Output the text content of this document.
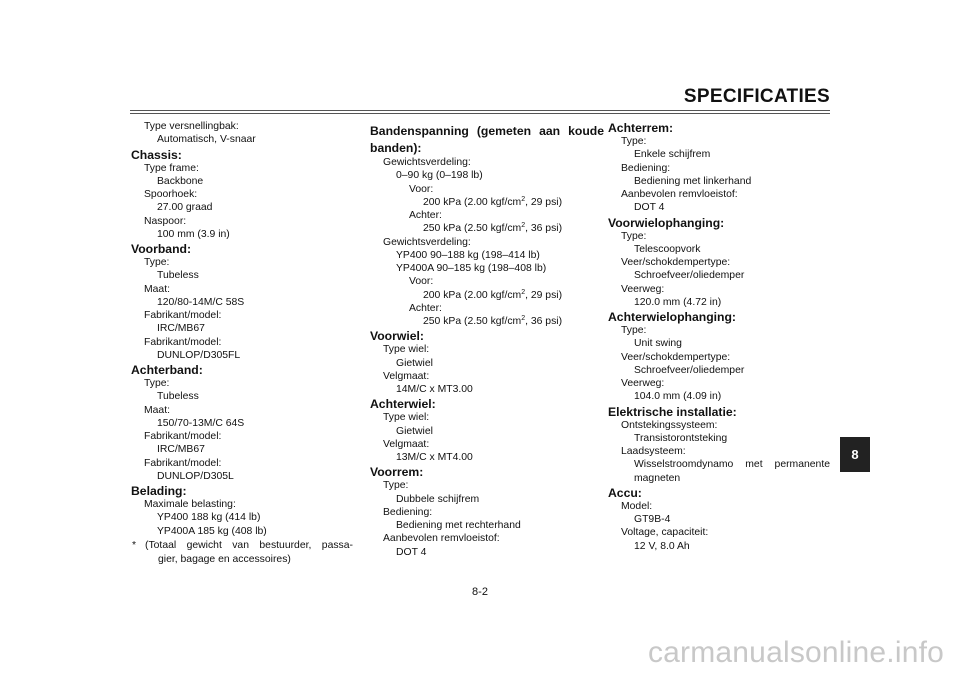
SPECIFICATIES
8
8-2
carmanualsonline.info
Type versnellingbak:
Automatisch, V-snaar
Chassis:
Type frame:
Backbone
Spoorhoek:
27.00 graad
Naspoor:
100 mm (3.9 in)
Voorband:
Type:
Tubeless
Maat:
120/80-14M/C 58S
Fabrikant/model:
IRC/MB67
Fabrikant/model:
DUNLOP/D305FL
Achterband:
Type:
Tubeless
Maat:
150/70-13M/C 64S
Fabrikant/model:
IRC/MB67
Fabrikant/model:
DUNLOP/D305L
Belading:
Maximale belasting:
YP400 188 kg (414 lb)
YP400A 185 kg (408 lb)
* (Totaal gewicht van bestuurder, passa-
gier, bagage en accessoires)
Bandenspanning (gemeten aan koude
banden):
Gewichtsverdeling:
0–90 kg (0–198 lb)
Voor:
200 kPa (2.00 kgf/$cm^2$, 29 psi)
Achter:
250 kPa (2.50 kgf/$cm^2$, 36 psi)
Gewichtsverdeling:
YP400 90–188 kg (198–414 lb)
YP400A 90–185 kg (198–408 lb)
Voor:
200 kPa (2.00 kgf/$cm^2$, 29 psi)
Achter:
250 kPa (2.50 kgf/$cm^2$, 36 psi)
Voorwiel:
Type wiel:
Gietwiel
Velgmaat:
14M/C x MT3.00
Achterwiel:
Type wiel:
Gietwiel
Velgmaat:
13M/C x MT4.00
Voorrem:
Type:
Dubbele schijfrem
Bediening:
Bediening met rechterhand
Aanbevolen remvloeistof:
DOT 4
Achterrem:
Type:
Enkele schijfrem
Bediening:
Bediening met linkerhand
Aanbevolen remvloeistof:
DOT 4
Voorwielophanging:
Type:
Telescoopvork
Veer/schokdempertype:
Schroefveer/oliedemper
Veerweg:
120.0 mm (4.72 in)
Achterwielophanging:
Type:
Unit swing
Veer/schokdempertype:
Schroefveer/oliedemper
Veerweg:
104.0 mm (4.09 in)
Elektrische installatie:
Ontstekingssysteem:
Transistorontsteking
Laadsysteem:
Wisselstroomdynamo met permanente
magneten
Accu:
Model:
GT9B-4
Voltage, capaciteit:
12 V, 8.0 Ah
